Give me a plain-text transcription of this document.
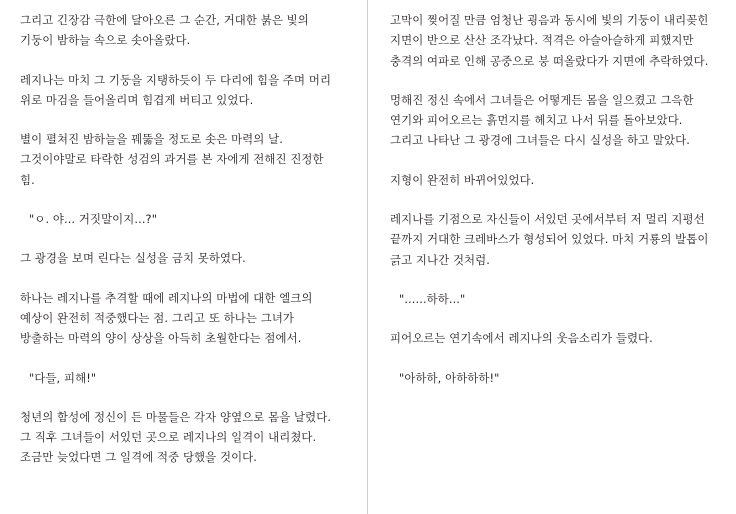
그리고 긴장감 극한에 달아오른 그 순간, 거대한 붉은 빛의 기둥이 밤하늘 속으로 솟아올랐다.

레지나는 마치 그 기둥을 지탱하듯이 두 다리에 힘을 주며 머리 위로 마검을 들어올리며 힘겹게 버티고 있었다.

별이 펼쳐진 밤하늘을 꿰뚫을 정도로 솟은 마력의 날. 그것이야말로 타락한 성검의 과거를 본 자에게 전해진 진정한 힘.

"ㅇ. 야... 거짓말이지...?"

그 광경을 보며 린다는 실성을 금치 못하였다.

하나는 레지나를 추격할 때에 레지나의 마법에 대한 엘크의 예상이 완전히 적중했다는 점. 그리고 또 하나는 그녀가 방출하는 마력의 양이 상상을 아득히 초월한다는 점에서.

"다들, 피해!"

청년의 함성에 정신이 든 마물들은 각자 양옆으로 몸을 날렸다. 그 직후 그녀들이 서있던 곳으로 레지나의 일격이 내리쳤다. 조금만 늦었다면 그 일격에 적중 당했을 것이다.

고막이 찢어질 만큼 엄청난 굉음과 동시에 빛의 기둥이 내리꽂힌 지면이 반으로 산산 조각났다. 적격은 아슬아슬하게 피했지만 충격의 여파로 인해 공중으로 붕 떠올랐다가 지면에 추락하였다.

멍해진 정신 속에서 그녀들은 어떻게든 몸을 일으켰고 그윽한 연기와 피어오르는 흙먼지를 헤치고 나서 뒤를 돌아보았다. 그리고 나타난 그 광경에 그녀들은 다시 실성을 하고 말았다.

지형이 완전히 바뀌어있었다.

레지나를 기점으로 자신들이 서있던 곳에서부터 저 멀리 지평선 끝까지 거대한 크레바스가 형성되어 있었다. 마치 거룡의 발톱이 긁고 지나간 것처럼.

"......하하..."

피어오르는 연기속에서 레지나의 웃음소리가 들렸다.

"아하하, 아하하하!"
